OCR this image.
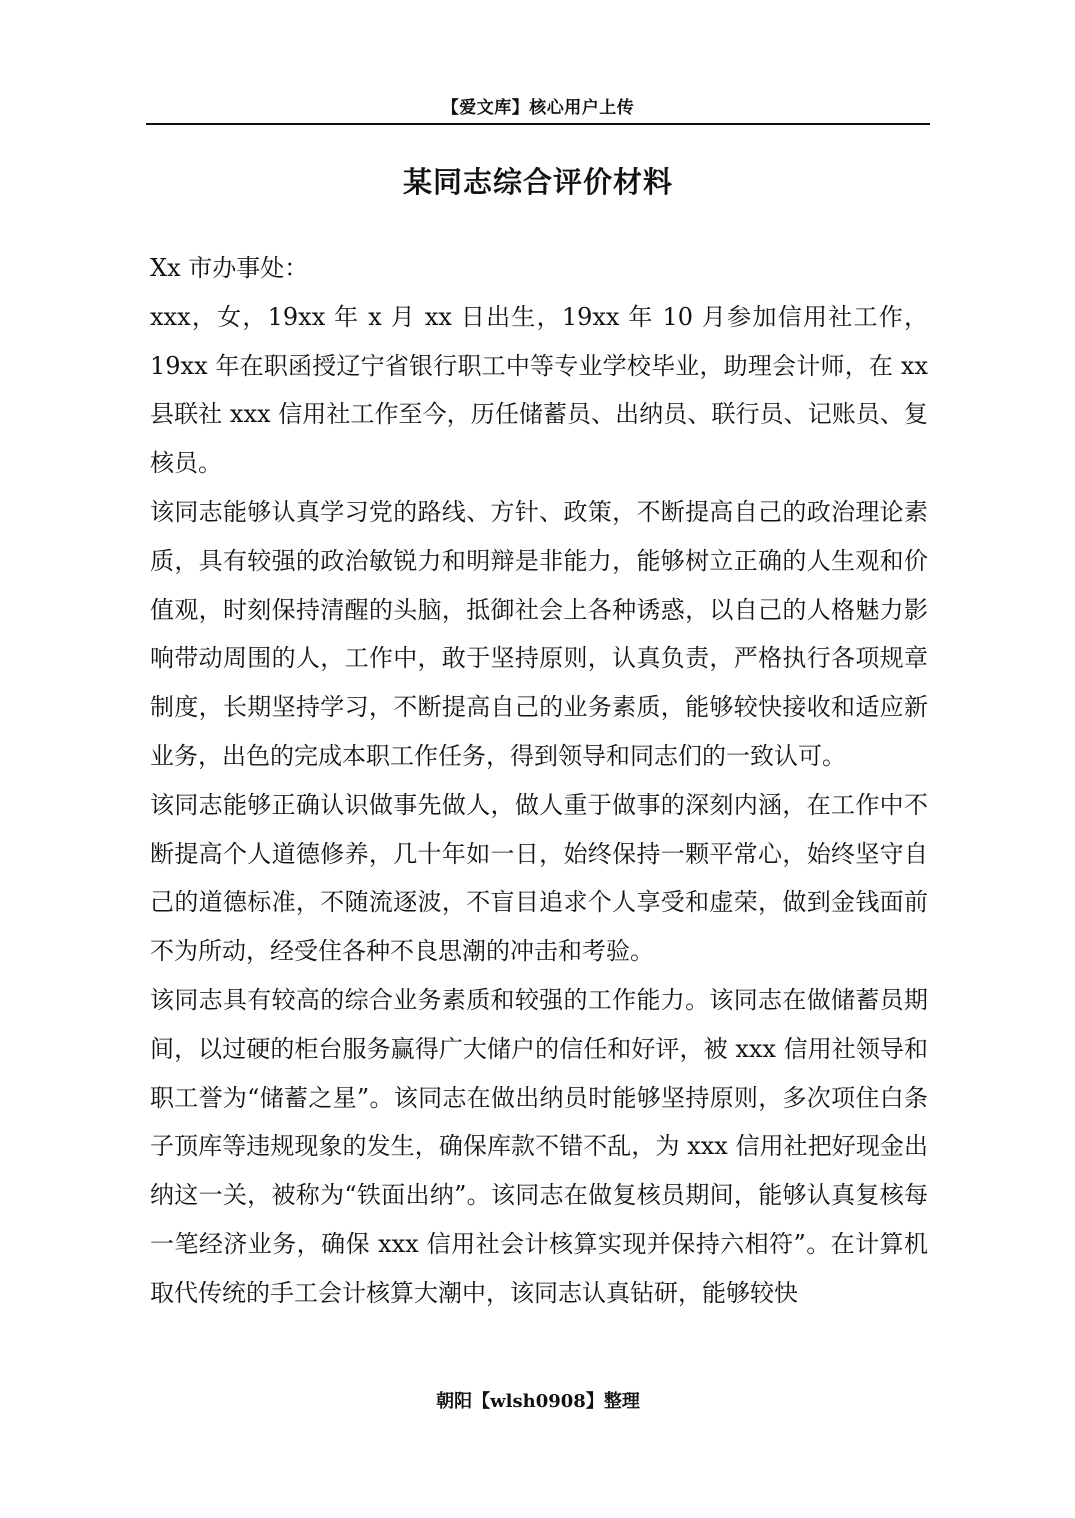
【爱文库】核心用户上传
某同志综合评价材料

Xx 市办事处：

xxx，女，19xx 年 x 月 xx 日出生，19xx 年 10 月参加信用社工作，19xx 年在职函授辽宁省银行职工中等专业学校毕业，助理会计师，在 xx 县联社 xxx 信用社工作至今，历任储蓄员、出纳员、联行员、记账员、复核员。

该同志能够认真学习党的路线、方针、政策，不断提高自己的政治理论素质，具有较强的政治敏锐力和明辩是非能力，能够树立正确的人生观和价值观，时刻保持清醒的头脑，抵御社会上各种诱惑，以自己的人格魅力影响带动周围的人，工作中，敢于坚持原则，认真负责，严格执行各项规章制度，长期坚持学习，不断提高自己的业务素质，能够较快接收和适应新业务，出色的完成本职工作任务，得到领导和同志们的一致认可。

该同志能够正确认识做事先做人，做人重于做事的深刻内涵，在工作中不断提高个人道德修养，几十年如一日，始终保持一颗平常心，始终坚守自己的道德标准，不随流逐波，不盲目追求个人享受和虚荣，做到金钱面前不为所动，经受住各种不良思潮的冲击和考验。

该同志具有较高的综合业务素质和较强的工作能力。该同志在做储蓄员期间，以过硬的柜台服务赢得广大储户的信任和好评，被 xxx 信用社领导和职工誉为“储蓄之星”。该同志在做出纳员时能够坚持原则，多次项住白条子顶库等违规现象的发生，确保库款不错不乱，为 xxx 信用社把好现金出纳这一关，被称为“铁面出纳”。该同志在做复核员期间，能够认真复核每一笔经济业务，确保 xxx 信用社会计核算实现并保持六相符”。在计算机取代传统的手工会计核算大潮中，该同志认真钻研，能够较快

朝阳【wlsh0908】整理
